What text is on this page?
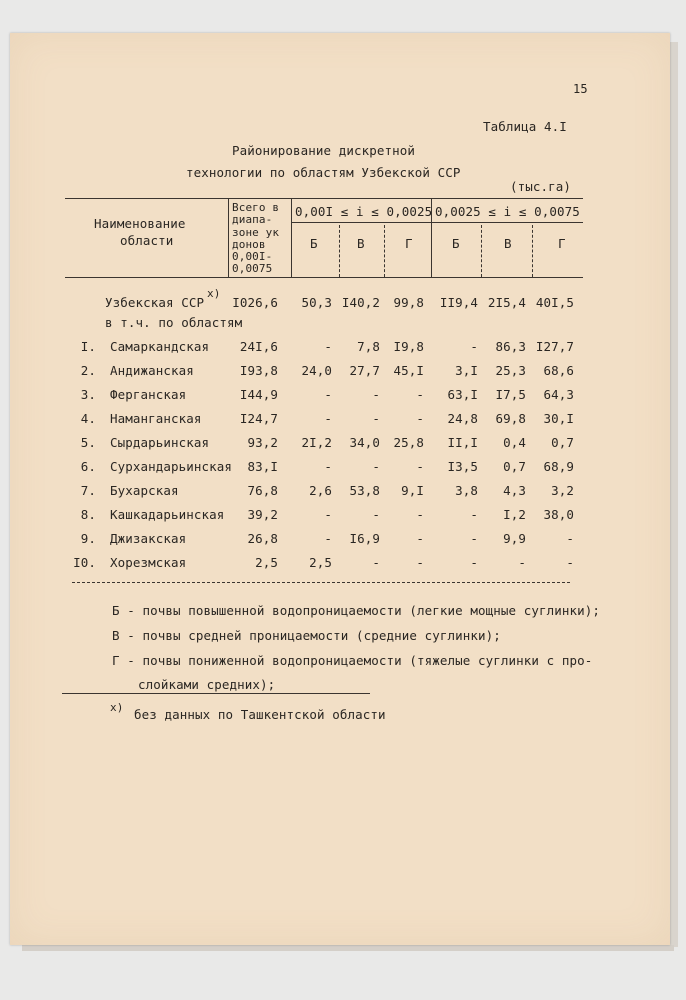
15
Таблица 4.I
Районирование дискретной
технологии по областям Узбекской ССР
(тыс.га)
Наименование
области
Всего в
диапа-
зоне ук
донов
0,00I-
0,0075
0,00I ≤ i ≤ 0,0025 0,0025 ≤ i ≤ 0,0075
Б	В	Г	Б	В	Г
Узбекская ССР
х)
I026,6	50,3 I40,2	99,8	II9,4 2I5,4 40I,5
в т.ч. по областям
I. Самаркандская	24I,6	-	7,8	I9,8	-	86,3 I27,7
2. Андижанская	I93,8	24,0	27,7	45,I	3,I	25,3	68,6
3. Ферганская	I44,9	-	-	-	63,I	I7,5	64,3
4. Наманганская	I24,7	-	-	-	24,8	69,8	30,I
5. Сырдарьинская	93,2	2I,2	34,0	25,8	II,I	0,4	0,7
6. Сурхандарьинская	83,I	-	-	-	I3,5	0,7	68,9
7. Бухарская	76,8	2,6	53,8	9,I	3,8	4,3	3,2
8. Кашкадарьинская	39,2	-	-	-	-	I,2	38,0
9. Джизакская	26,8	-	I6,9	-	-	9,9	-
I0. Хорезмская	2,5	2,5	-	-	-	-	-
Б - почвы повышенной водопроницаемости (легкие мощные суглинки);
В - почвы средней проницаемости (средние суглинки);
Г - почвы пониженной водопроницаемости (тяжелые суглинки с про-
слойками средних);
х) без данных по Ташкентской области
